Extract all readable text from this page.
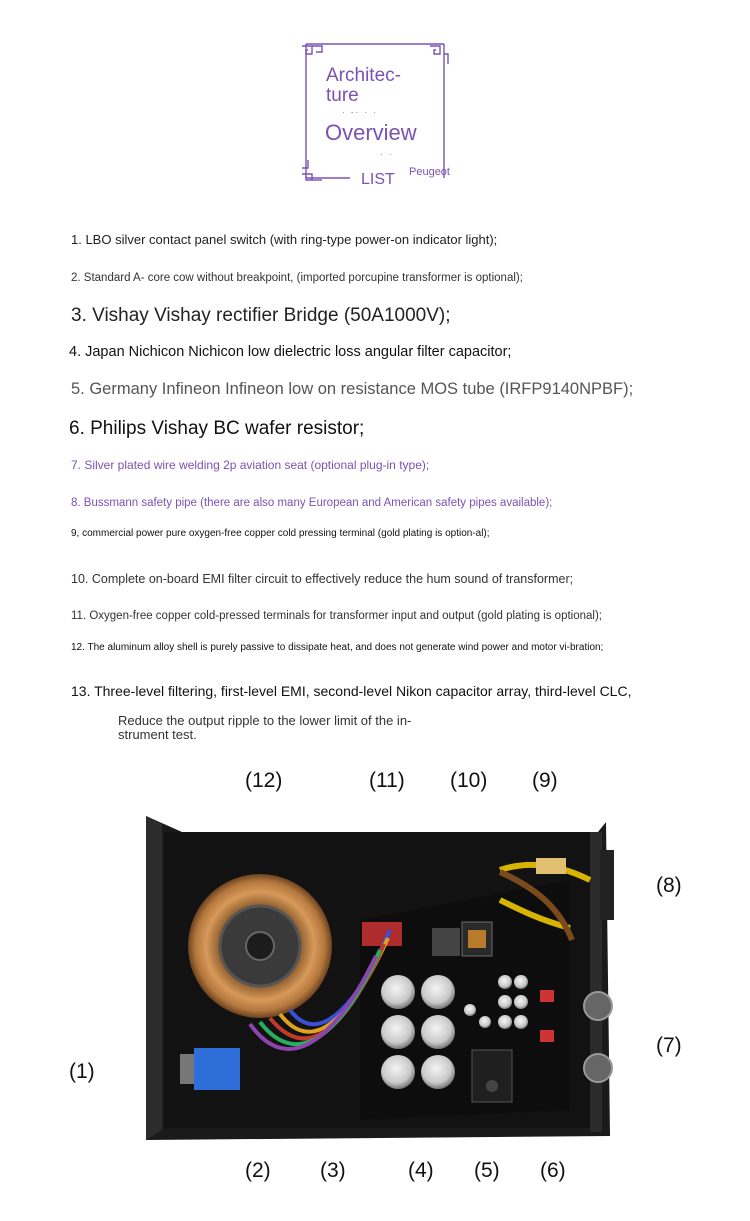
Architec-
ture
· -· · ·
Overview
· ·
Peugeot
LIST
1. LBO silver contact panel switch (with ring-type power-on indicator light);
2. Standard A- core cow without breakpoint, (imported porcupine transformer is optional);
3. Vishay Vishay rectifier Bridge (50A1000V);
4. Japan Nichicon Nichicon low dielectric loss angular filter capacitor;
5. Germany Infineon Infineon low on resistance MOS tube (IRFP9140NPBF);
6. Philips Vishay BC wafer resistor;
7. Silver plated wire welding 2p aviation seat (optional plug-in type);
8. Bussmann safety pipe (there are also many European and American safety pipes available);
9, commercial power pure oxygen-free copper cold pressing terminal (gold plating is option-al);
10. Complete on-board EMI filter circuit to effectively reduce the hum sound of transformer;
11. Oxygen-free copper cold-pressed terminals for transformer input and output (gold plating is optional);
12. The aluminum alloy shell is purely passive to dissipate heat, and does not generate wind power and motor vi-bration;
13. Three-level filtering, first-level EMI, second-level Nikon capacitor array, third-level CLC,
Reduce the output ripple to the lower limit of the in-strument test.
(12)	(11) (10) (9)
(8)
(7)
(1)
(2) (3)	(4) (5) (6)
